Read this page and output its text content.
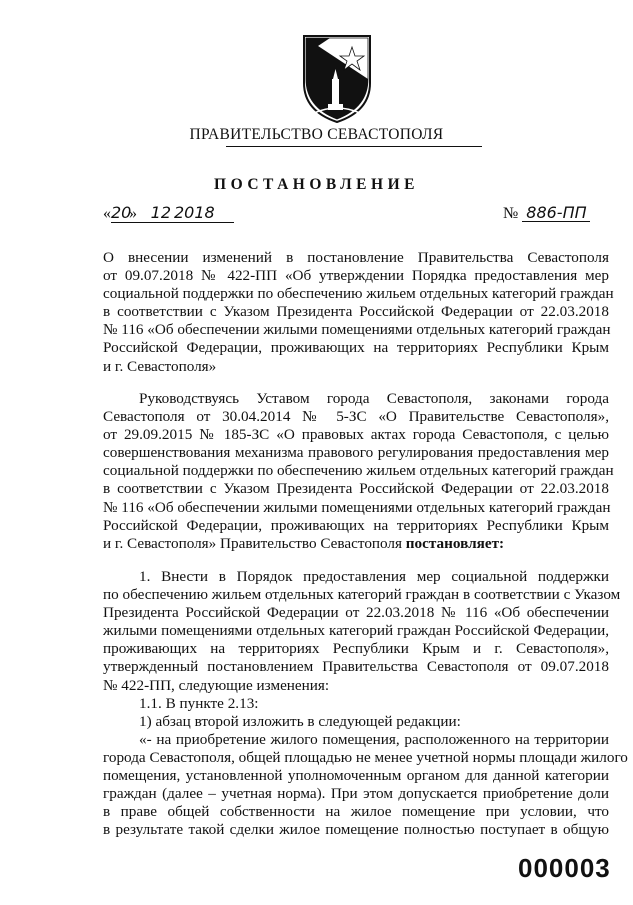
ПРАВИТЕЛЬСТВО СЕВАСТОПОЛЯ
ПОСТАНОВЛЕНИЕ
«20» 12 2018	№ 886-ПП
О внесении изменений в постановление Правительства Севастополя
от 09.07.2018 № 422-ПП «Об утверждении Порядка предоставления мер
социальной поддержки по обеспечению жильем отдельных категорий граждан
в соответствии с Указом Президента Российской Федерации от 22.03.2018
№ 116 «Об обеспечении жилыми помещениями отдельных категорий граждан
Российской Федерации, проживающих на территориях Республики Крым
и г. Севастополя»
Руководствуясь Уставом города Севастополя, законами города
Севастополя от 30.04.2014 № 5-ЗС «О Правительстве Севастополя»,
от 29.09.2015 № 185-ЗС «О правовых актах города Севастополя, с целью
совершенствования механизма правового регулирования предоставления мер
социальной поддержки по обеспечению жильем отдельных категорий граждан
в соответствии с Указом Президента Российской Федерации от 22.03.2018
№ 116 «Об обеспечении жилыми помещениями отдельных категорий граждан
Российской Федерации, проживающих на территориях Республики Крым
и г. Севастополя» Правительство Севастополя постановляет:
1. Внести в Порядок предоставления мер социальной поддержки
по обеспечению жильем отдельных категорий граждан в соответствии с Указом
Президента Российской Федерации от 22.03.2018 № 116 «Об обеспечении
жилыми помещениями отдельных категорий граждан Российской Федерации,
проживающих на территориях Республики Крым и г. Севастополя»,
утвержденный постановлением Правительства Севастополя от 09.07.2018
№ 422-ПП, следующие изменения:
1.1. В пункте 2.13:
1) абзац второй изложить в следующей редакции:
«- на приобретение жилого помещения, расположенного на территории
города Севастополя, общей площадью не менее учетной нормы площади жилого
помещения, установленной уполномоченным органом для данной категории
граждан (далее – учетная норма). При этом допускается приобретение доли
в праве общей собственности на жилое помещение при условии, что
в результате такой сделки жилое помещение полностью поступает в общую
000003
